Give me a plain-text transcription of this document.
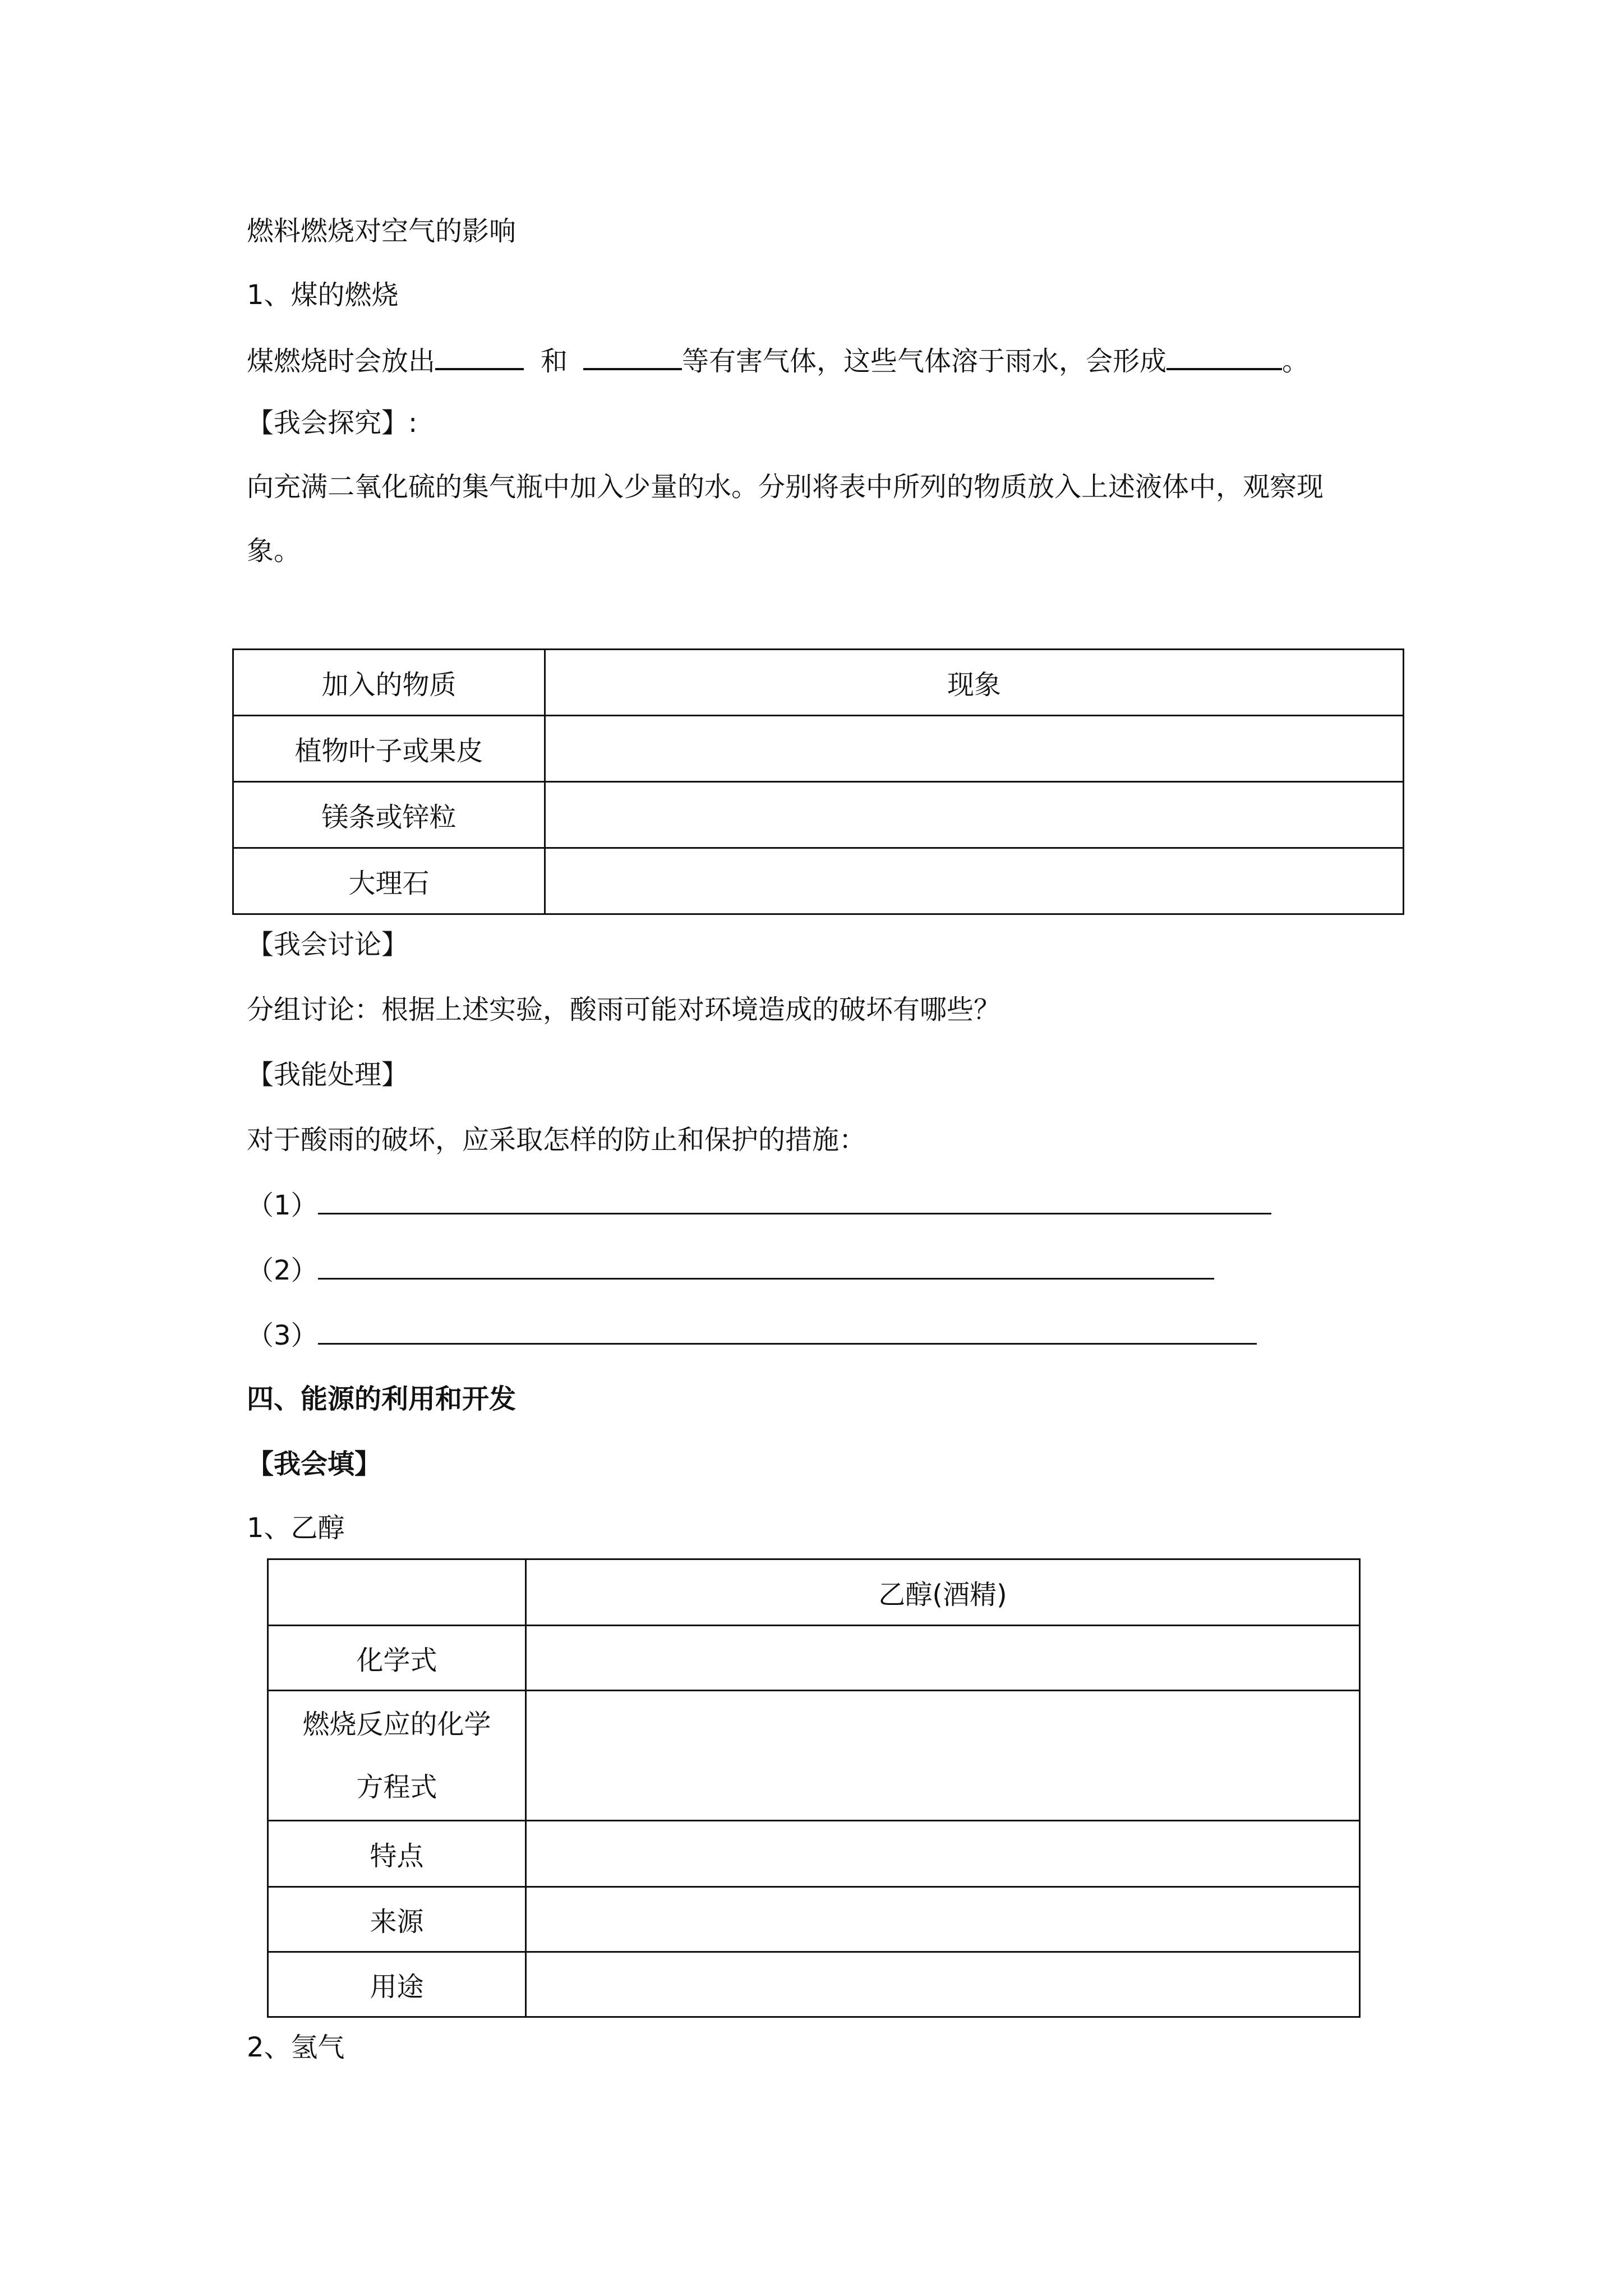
燃料燃烧对空气的影响
1、煤的燃烧
煤燃烧时会放出	和	等有害气体，这些气体溶于雨水，会形成	。
【我会探究】:
向充满二氧化硫的集气瓶中加入少量的水。分别将表中所列的物质放入上述液体中，观察现
象。
加入的物质	现象
植物叶子或果皮	
镁条或锌粒	
大理石	
【我会讨论】
分组讨论：根据上述实验，酸雨可能对环境造成的破坏有哪些？
【我能处理】
对于酸雨的破坏，应采取怎样的防止和保护的措施：
（1）
（2）
（3）
四、能源的利用和开发
【我会填】
1、乙醇
	乙醇(酒精)
化学式	
燃烧反应的化学方程式	
特点	
来源	
用途	
2、氢气
